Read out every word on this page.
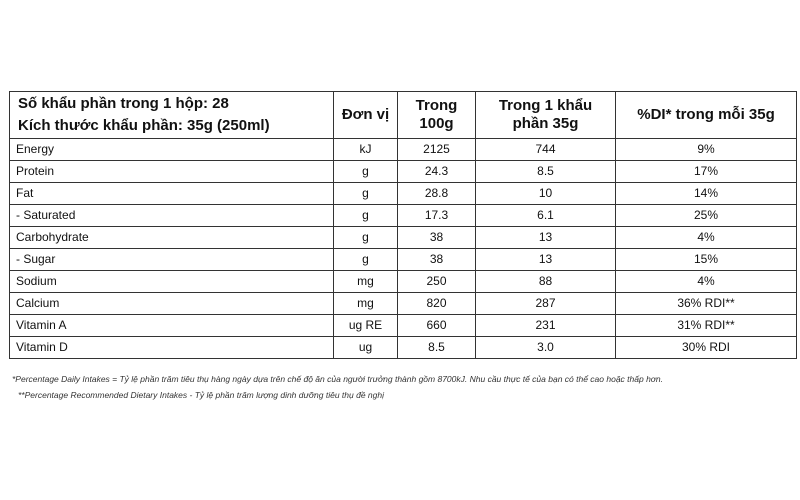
Số khẩu phần trong 1 hộp: 28
Kích thước khẩu phần: 35g (250ml)	Đơn vị	Trong 100g	Trong 1 khẩu phần 35g	%DI* trong mỗi 35g
Energy	kJ	2125	744	9%
Protein	g	24.3	8.5	17%
Fat	g	28.8	10	14%
- Saturated	g	17.3	6.1	25%
Carbohydrate	g	38	13	4%
- Sugar	g	38	13	15%
Sodium	mg	250	88	4%
Calcium	mg	820	287	36% RDI**
Vitamin A	ug RE	660	231	31% RDI**
Vitamin D	ug	8.5	3.0	30% RDI
*Percentage Daily Intakes = Tỷ lệ phần trăm tiêu thụ hàng ngày dựa trên chế độ ăn của người trưởng thành gồm 8700kJ. Nhu cầu thực tế của bạn có thể cao hoặc thấp hơn.
**Percentage Recommended Dietary Intakes - Tỷ lệ phần trăm lượng dinh dưỡng tiêu thụ đề nghị
